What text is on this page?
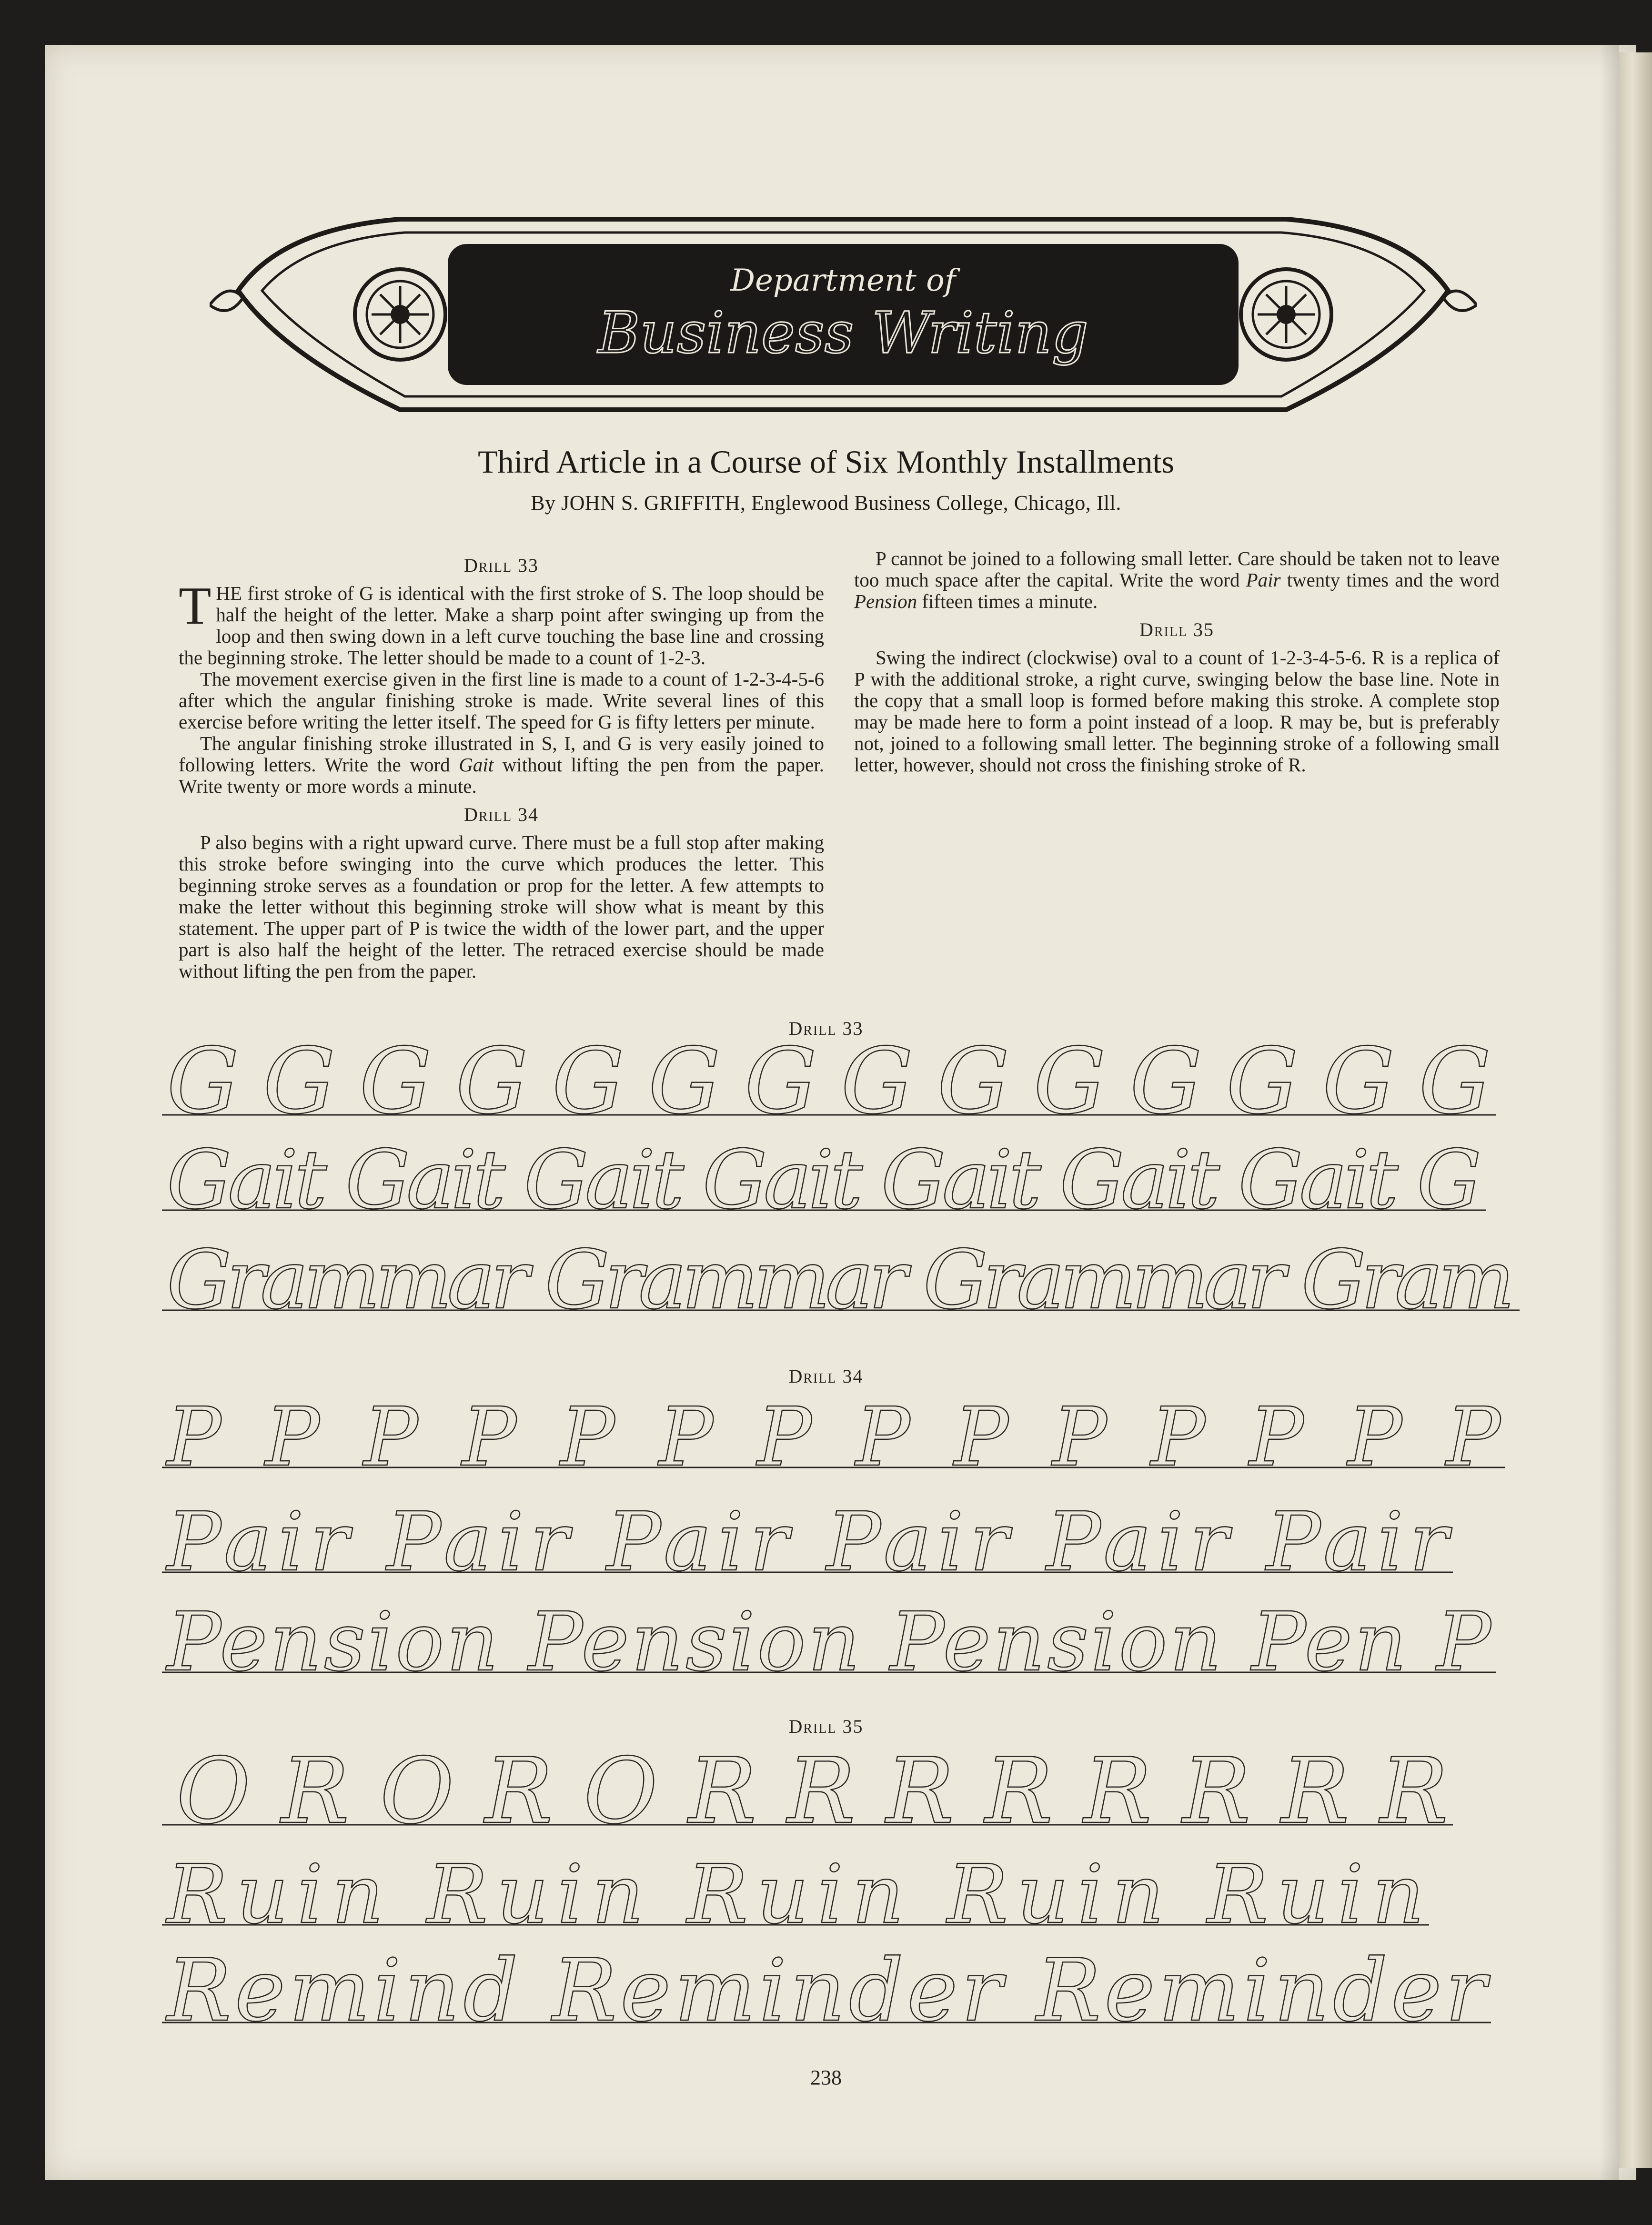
Department of
Business Writing
Third Article in a Course of Six Monthly Installments
By JOHN S. GRIFFITH, Englewood Business College, Chicago, Ill.
Drill 33

THE first stroke of G is identical with the first stroke of S. The loop should be half the height of the letter. Make a sharp point after swinging up from the loop and then swing down in a left curve touching the base line and crossing the beginning stroke. The letter should be made to a count of 1-2-3.

The movement exercise given in the first line is made to a count of 1-2-3-4-5-6 after which the angular finishing stroke is made. Write several lines of this exercise before writing the letter itself. The speed for G is fifty letters per minute.

The angular finishing stroke illustrated in S, I, and G is very easily joined to following letters. Write the word Gait without lifting the pen from the paper. Write twenty or more words a minute.

Drill 34

P also begins with a right upward curve. There must be a full stop after making this stroke before swinging into the curve which produces the letter. This beginning stroke serves as a foundation or prop for the letter. A few attempts to make the letter without this beginning stroke will show what is meant by this statement. The upper part of P is twice the width of the lower part, and the upper part is also half the height of the letter. The retraced exercise should be made without lifting the pen from the paper.

P cannot be joined to a following small letter. Care should be taken not to leave too much space after the capital. Write the word Pair twenty times and the word Pension fifteen times a minute.

Drill 35

Swing the indirect (clockwise) oval to a count of 1-2-3-4-5-6. R is a replica of P with the additional stroke, a right curve, swinging below the base line. Note in the copy that a small loop is formed before making this stroke. A complete stop may be made here to form a point instead of a loop. R may be, but is preferably not, joined to a following small letter. The beginning stroke of a following small letter, however, should not cross the finishing stroke of R.

Drill 33
Drill 34
Drill 35
G G G G G G G G G G G G G G
Gait Gait Gait Gait Gait Gait Gait G
Grammar Grammar Grammar Gram
P P P P P P P P P P P P P P
Pair Pair Pair Pair Pair Pair
Pension Pension Pension Pen P
O R O R O R R R R R R R R
Ruin Ruin Ruin Ruin Ruin
Remind Reminder Reminder
238
